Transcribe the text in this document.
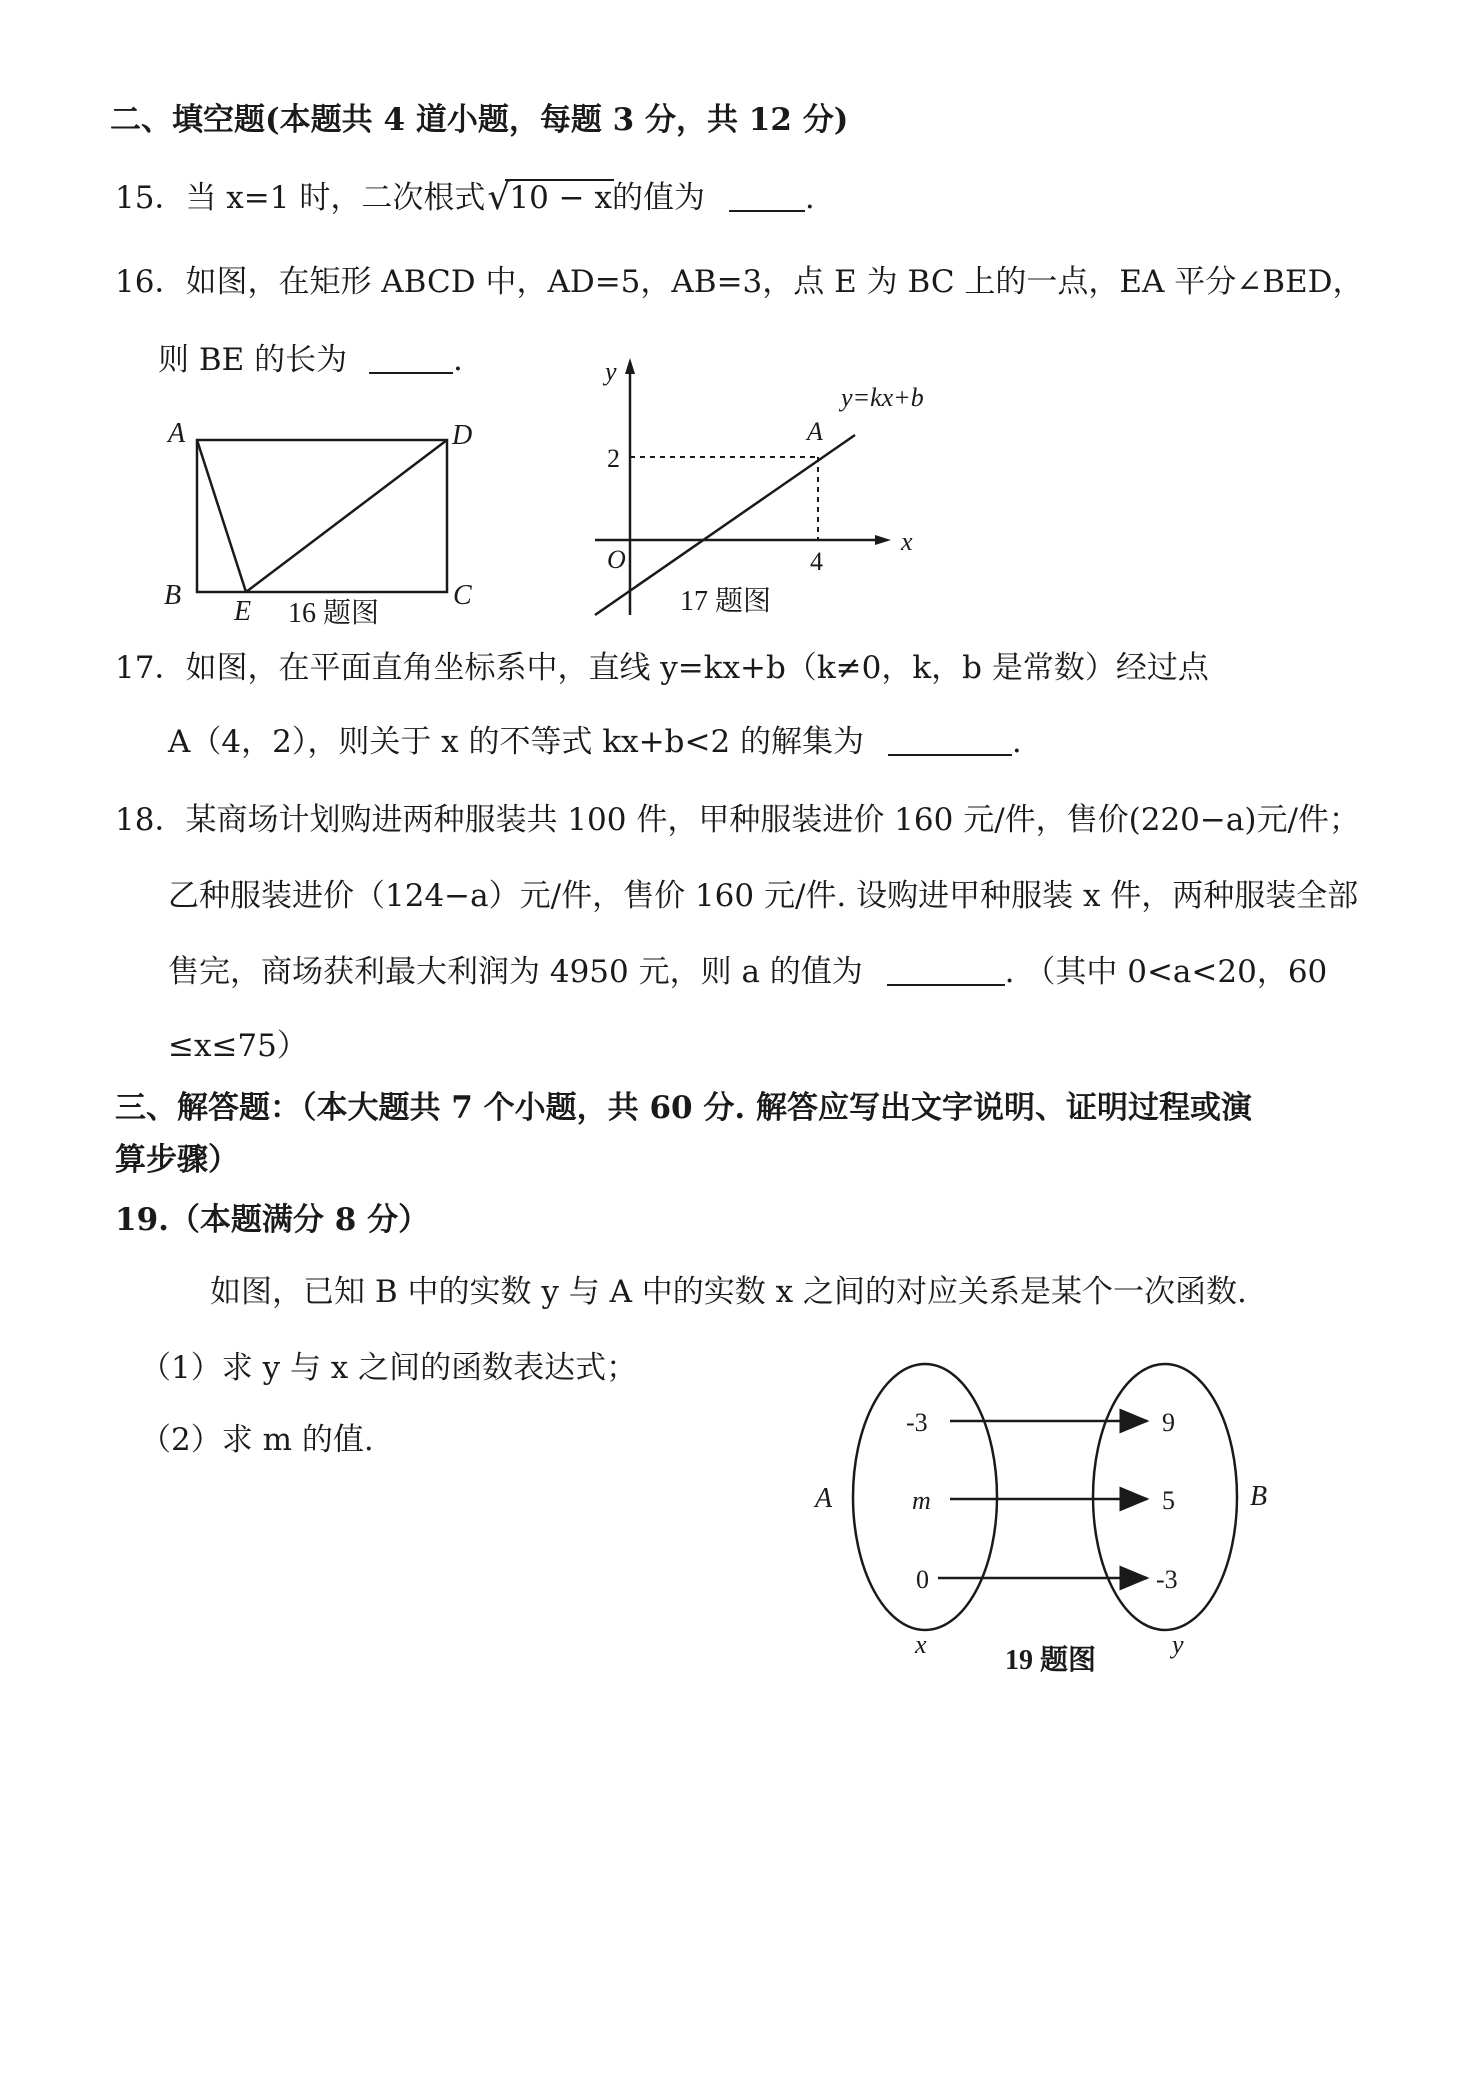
二、填空题(本题共 4 道小题，每题 3 分，共 12 分)
15．当 x=1 时，二次根式 √ 10 − x的值为	.
16．如图，在矩形 ABCD 中，AD=5，AB=3，点 E 为 BC 上的一点，EA 平分∠BED，
则 BE 的长为	.
A	D
B	C
E 16 题图
y
x
O
2
4
A
y=kx+b
17 题图
17．如图，在平面直角坐标系中，直线 y=kx+b（k≠0，k，b 是常数）经过点
A（4，2），则关于 x 的不等式 kx+b<2 的解集为	.
18．某商场计划购进两种服装共 100 件，甲种服装进价 160 元/件，售价(220−a)元/件；
乙种服装进价（124−a）元/件，售价 160 元/件. 设购进甲种服装 x 件，两种服装全部
售完，商场获利最大利润为 4950 元，则 a 的值为	. （其中 0<a<20，60
≤x≤75）
三、解答题：（本大题共 7 个小题，共 60 分. 解答应写出文字说明、证明过程或演
算步骤）
19.（本题满分 8 分）
如图，已知 B 中的实数 y 与 A 中的实数 x 之间的对应关系是某个一次函数.
（1）求 y 与 x 之间的函数表达式；
（2）求 m 的值.	-3
m
0
9
5
-3
A	B
x	y
19 题图
